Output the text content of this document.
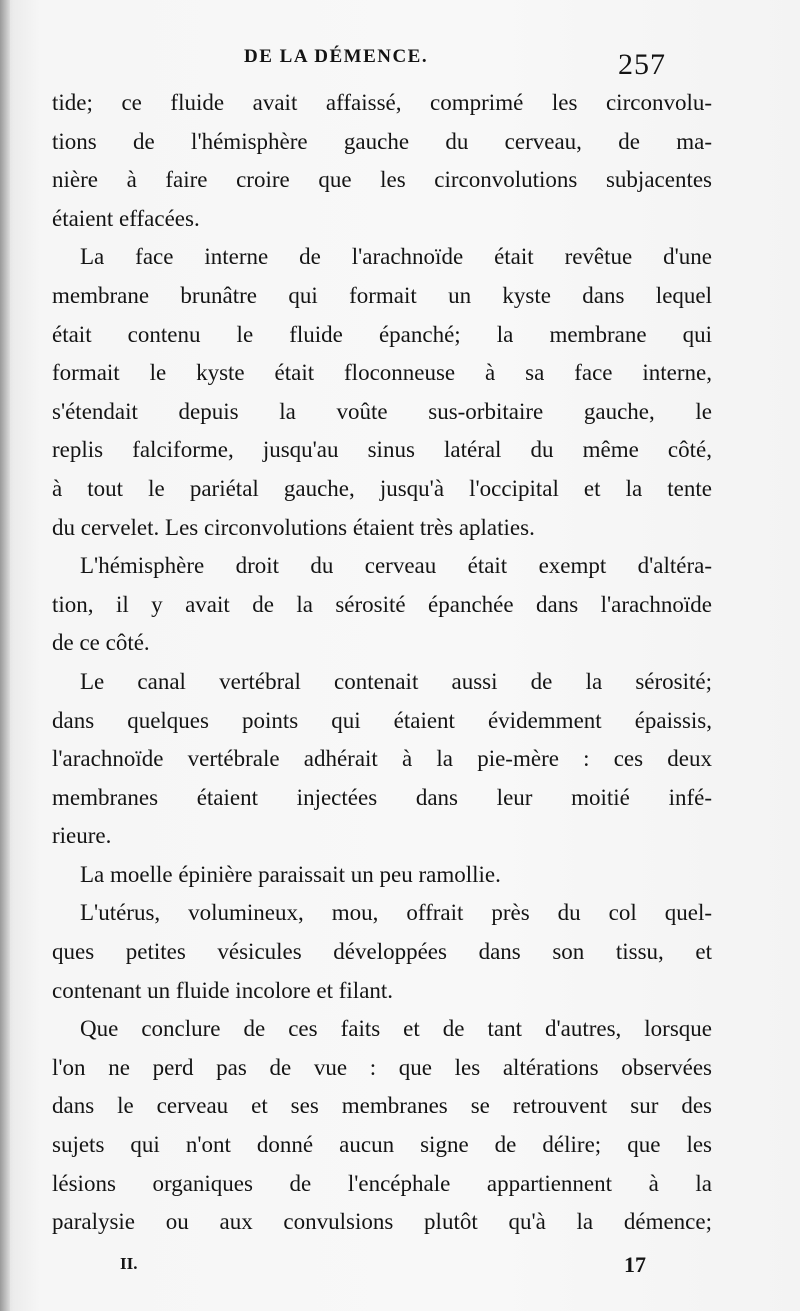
DE LA DÉMENCE.	257
tide; ce fluide avait affaissé, comprimé les circonvolu-
tions de l'hémisphère gauche du cerveau, de ma-
nière à faire croire que les circonvolutions subjacentes
étaient effacées.
La face interne de l'arachnoïde était revêtue d'une
membrane brunâtre qui formait un kyste dans lequel
était contenu le fluide épanché; la membrane qui
formait le kyste était floconneuse à sa face interne,
s'étendait depuis la voûte sus-orbitaire gauche, le
replis falciforme, jusqu'au sinus latéral du même côté,
à tout le pariétal gauche, jusqu'à l'occipital et la tente
du cervelet. Les circonvolutions étaient très aplaties.
L'hémisphère droit du cerveau était exempt d'altéra-
tion, il y avait de la sérosité épanchée dans l'arachnoïde
de ce côté.
Le canal vertébral contenait aussi de la sérosité;
dans quelques points qui étaient évidemment épaissis,
l'arachnoïde vertébrale adhérait à la pie-mère : ces deux
membranes étaient injectées dans leur moitié infé-
rieure.
La moelle épinière paraissait un peu ramollie.
L'utérus, volumineux, mou, offrait près du col quel-
ques petites vésicules développées dans son tissu, et
contenant un fluide incolore et filant.
Que conclure de ces faits et de tant d'autres, lorsque
l'on ne perd pas de vue : que les altérations observées
dans le cerveau et ses membranes se retrouvent sur des
sujets qui n'ont donné aucun signe de délire; que les
lésions organiques de l'encéphale appartiennent à la
paralysie ou aux convulsions plutôt qu'à la démence;
II.	17
